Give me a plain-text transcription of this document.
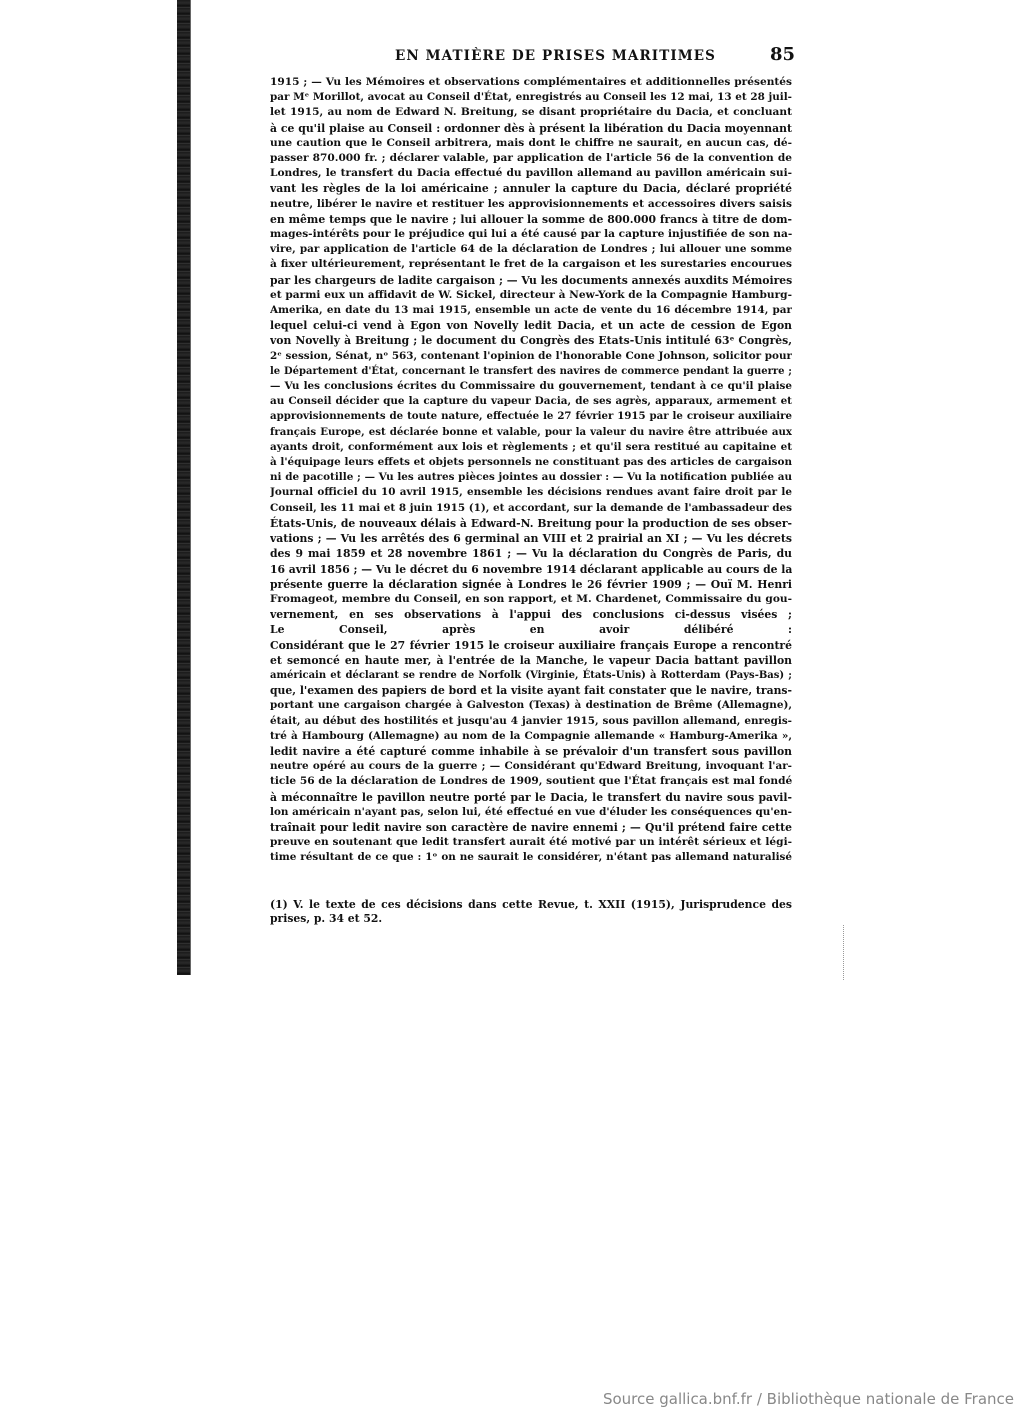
EN MATIÈRE DE PRISES MARITIMES	85
1915 ; — Vu les Mémoires et observations complémentaires et additionnelles présentés
par Mᵉ Morillot, avocat au Conseil d'État, enregistrés au Conseil les 12 mai, 13 et 28 juil-
let 1915, au nom de Edward N. Breitung, se disant propriétaire du Dacia, et concluant
à ce qu'il plaise au Conseil : ordonner dès à présent la libération du Dacia moyennant
une caution que le Conseil arbitrera, mais dont le chiffre ne saurait, en aucun cas, dé-
passer 870.000 fr. ; déclarer valable, par application de l'article 56 de la convention de
Londres, le transfert du Dacia effectué du pavillon allemand au pavillon américain sui-
vant les règles de la loi américaine ; annuler la capture du Dacia, déclaré propriété
neutre, libérer le navire et restituer les approvisionnements et accessoires divers saisis
en même temps que le navire ; lui allouer la somme de 800.000 francs à titre de dom-
mages-intérêts pour le préjudice qui lui a été causé par la capture injustifiée de son na-
vire, par application de l'article 64 de la déclaration de Londres ; lui allouer une somme
à fixer ultérieurement, représentant le fret de la cargaison et les surestaries encourues
par les chargeurs de ladite cargaison ; — Vu les documents annexés auxdits Mémoires
et parmi eux un affidavit de W. Sickel, directeur à New-York de la Compagnie Hamburg-
Amerika, en date du 13 mai 1915, ensemble un acte de vente du 16 décembre 1914, par
lequel celui-ci vend à Egon von Novelly ledit Dacia, et un acte de cession de Egon
von Novelly à Breitung ; le document du Congrès des Etats-Unis intitulé 63ᵉ Congrès,
2ᵉ session, Sénat, nᵒ 563, contenant l'opinion de l'honorable Cone Johnson, solicitor pour
le Département d'État, concernant le transfert des navires de commerce pendant la guerre ;
— Vu les conclusions écrites du Commissaire du gouvernement, tendant à ce qu'il plaise
au Conseil décider que la capture du vapeur Dacia, de ses agrès, apparaux, armement et
approvisionnements de toute nature, effectuée le 27 février 1915 par le croiseur auxiliaire
français Europe, est déclarée bonne et valable, pour la valeur du navire être attribuée aux
ayants droit, conformément aux lois et règlements ; et qu'il sera restitué au capitaine et
à l'équipage leurs effets et objets personnels ne constituant pas des articles de cargaison
ni de pacotille ; — Vu les autres pièces jointes au dossier : — Vu la notification publiée au
Journal officiel du 10 avril 1915, ensemble les décisions rendues avant faire droit par le
Conseil, les 11 mai et 8 juin 1915 (1), et accordant, sur la demande de l'ambassadeur des
États-Unis, de nouveaux délais à Edward-N. Breitung pour la production de ses obser-
vations ; — Vu les arrêtés des 6 germinal an VIII et 2 prairial an XI ; — Vu les décrets
des 9 mai 1859 et 28 novembre 1861 ; — Vu la déclaration du Congrès de Paris, du
16 avril 1856 ; — Vu le décret du 6 novembre 1914 déclarant applicable au cours de la
présente guerre la déclaration signée à Londres le 26 février 1909 ; — Ouï M. Henri
Fromageot, membre du Conseil, en son rapport, et M. Chardenet, Commissaire du gou-
vernement, en ses observations à l'appui des conclusions ci-dessus visées ;
Le Conseil, après en avoir délibéré :
Considérant que le 27 février 1915 le croiseur auxiliaire français Europe a rencontré
et semoncé en haute mer, à l'entrée de la Manche, le vapeur Dacia battant pavillon
américain et déclarant se rendre de Norfolk (Virginie, États-Unis) à Rotterdam (Pays-Bas) ;
que, l'examen des papiers de bord et la visite ayant fait constater que le navire, trans-
portant une cargaison chargée à Galveston (Texas) à destination de Brême (Allemagne),
était, au début des hostilités et jusqu'au 4 janvier 1915, sous pavillon allemand, enregis-
tré à Hambourg (Allemagne) au nom de la Compagnie allemande « Hamburg-Amerika »,
ledit navire a été capturé comme inhabile à se prévaloir d'un transfert sous pavillon
neutre opéré au cours de la guerre ; — Considérant qu'Edward Breitung, invoquant l'ar-
ticle 56 de la déclaration de Londres de 1909, soutient que l'État français est mal fondé
à méconnaître le pavillon neutre porté par le Dacia, le transfert du navire sous pavil-
lon américain n'ayant pas, selon lui, été effectué en vue d'éluder les conséquences qu'en-
traînait pour ledit navire son caractère de navire ennemi ; — Qu'il prétend faire cette
preuve en soutenant que ledit transfert aurait été motivé par un intérêt sérieux et légi-
time résultant de ce que : 1ᵒ on ne saurait le considérer, n'étant pas allemand naturalisé
(1) V. le texte de ces décisions dans cette Revue, t. XXII (1915), Jurisprudence des
prises, p. 34 et 52.
Source gallica.bnf.fr / Bibliothèque nationale de France
